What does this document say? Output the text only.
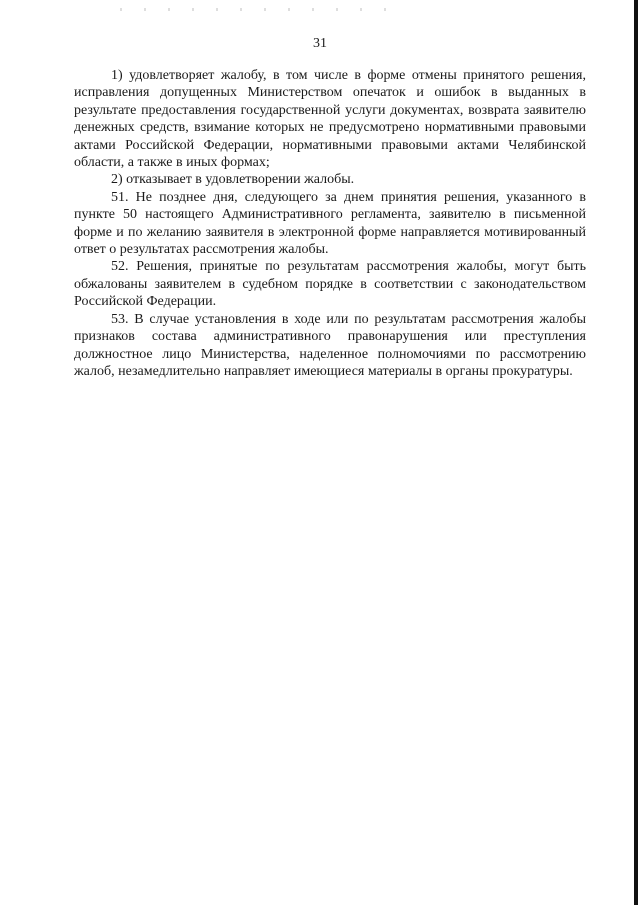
31

1) удовлетворяет жалобу, в том числе в форме отмены принятого решения, исправления допущенных Министерством опечаток и ошибок в выданных в результате предоставления государственной услуги документах, возврата заявителю денежных средств, взимание которых не предусмотрено нормативными правовыми актами Российской Федерации, нормативными правовыми актами Челябинской области, а также в иных формах;

2) отказывает в удовлетворении жалобы.

51. Не позднее дня, следующего за днем принятия решения, указанного в пункте 50 настоящего Административного регламента, заявителю в письменной форме и по желанию заявителя в электронной форме направляется мотивированный ответ о результатах рассмотрения жалобы.

52. Решения, принятые по результатам рассмотрения жалобы, могут быть обжалованы заявителем в судебном порядке в соответствии с законодательством Российской Федерации.

53. В случае установления в ходе или по результатам рассмотрения жалобы признаков состава административного правонарушения или преступления должностное лицо Министерства, наделенное полномочиями по рассмотрению жалоб, незамедлительно направляет имеющиеся материалы в органы прокуратуры.
